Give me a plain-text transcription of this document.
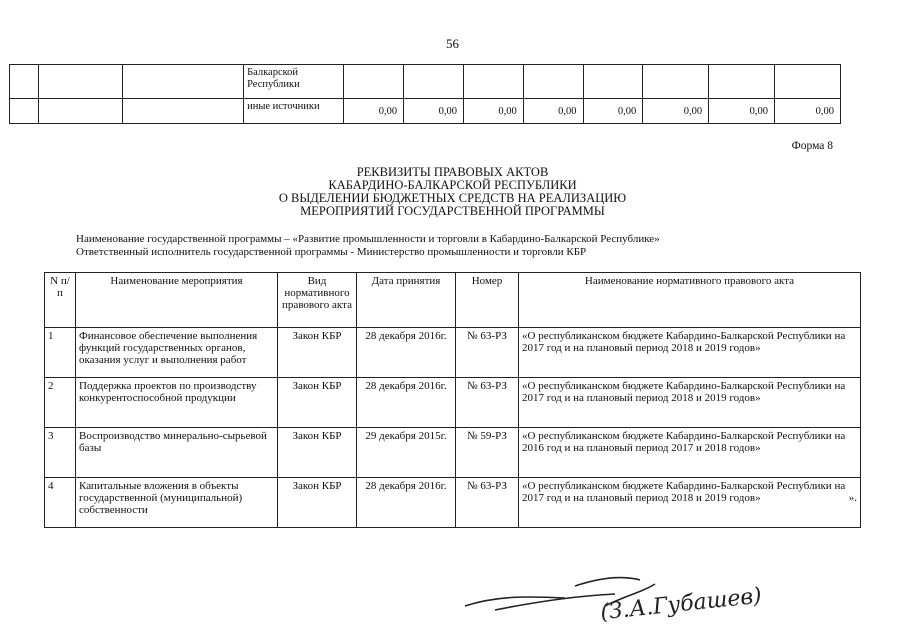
56
			Балкарской Республики								
			иные источники	0,00	0,00	0,00	0,00	0,00	0,00	0,00	0,00
Форма 8
РЕКВИЗИТЫ ПРАВОВЫХ АКТОВ
КАБАРДИНО-БАЛКАРСКОЙ РЕСПУБЛИКИ
О ВЫДЕЛЕНИИ БЮДЖЕТНЫХ СРЕДСТВ НА РЕАЛИЗАЦИЮ
МЕРОПРИЯТИЙ ГОСУДАРСТВЕННОЙ ПРОГРАММЫ
Наименование государственной программы – «Развитие промышленности и торговли в Кабардино-Балкарской Республике»
Ответственный исполнитель государственной программы - Министерство промышленности и торговли КБР
N п/п	Наименование мероприятия	Вид нормативного правового акта	Дата принятия	Номер	Наименование нормативного правового акта
1	Финансовое обеспечение выполнения функций государственных органов, оказания услуг и выполнения работ	Закон КБР	28 декабря 2016г.	№ 63-РЗ	«О республиканском бюджете Кабардино-Балкарской Республики на 2017 год и на плановый период 2018 и 2019 годов»
2	Поддержка проектов по производству конкурентоспособной продукции	Закон КБР	28 декабря 2016г.	№ 63-РЗ	«О республиканском бюджете Кабардино-Балкарской Республики на 2017 год и на плановый период 2018 и 2019 годов»
3	Воспроизводство минерально-сырьевой базы	Закон КБР	29 декабря 2015г.	№ 59-РЗ	«О республиканском бюджете Кабардино-Балкарской Республики на 2016 год и на плановый период 2017 и 2018 годов»
4	Капитальные вложения в объекты государственной (муниципальной) собственности	Закон КБР	28 декабря 2016г.	№ 63-РЗ	«О республиканском бюджете Кабардино-Балкарской Республики на 2017 год и на плановый период 2018 и 2019 годов» ».
(З.А.Губашев)
